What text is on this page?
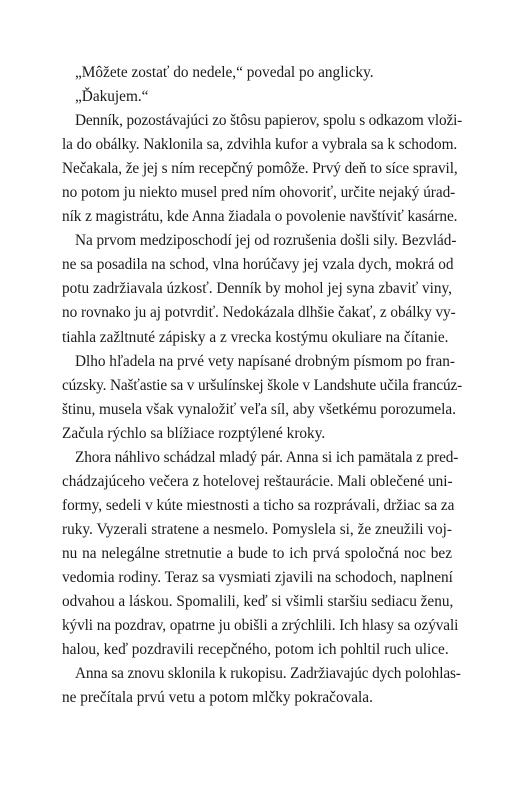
„Môžete zostať do nedele,“ povedal po anglicky.
„Ďakujem.“
Denník, pozostávajúci zo štôsu papierov, spolu s odkazom vloži-
la do obálky. Naklonila sa, zdvihla kufor a vybrala sa k schodom.
Nečakala, že jej s ním recepčný pomôže. Prvý deň to síce spravil,
no potom ju niekto musel pred ním ohovoriť, určite nejaký úrad-
ník z magistrátu, kde Anna žiadala o povolenie navštíviť kasárne.
Na prvom medziposchodí jej od rozrušenia došli sily. Bezvlád-
ne sa posadila na schod, vlna horúčavy jej vzala dych, mokrá od
potu zadržiavala úzkosť. Denník by mohol jej syna zbaviť viny,
no rovnako ju aj potvrdiť. Nedokázala dlhšie čakať, z obálky vy-
tiahla zažltnuté zápisky a z vrecka kostýmu okuliare na čítanie.
Dlho hľadela na prvé vety napísané drobným písmom po fran-
cúzsky. Našťastie sa v uršulínskej škole v Landshute učila francúz-
štinu, musela však vynaložiť veľa síl, aby všetkému porozumela.
Začula rýchlo sa blížiace rozptýlené kroky.
Zhora náhlivo schádzal mladý pár. Anna si ich pamätala z pred-
chádzajúceho večera z hotelovej reštaurácie. Mali oblečené uni-
formy, sedeli v kúte miestnosti a ticho sa rozprávali, držiac sa za
ruky. Vyzerali stratene a nesmelo. Pomyslela si, že zneužili voj-
nu na nelegálne stretnutie a bude to ich prvá spoločná noc bez
vedomia rodiny. Teraz sa vysmiati zjavili na schodoch, naplnení
odvahou a láskou. Spomalili, keď si všimli staršiu sediacu ženu,
kývli na pozdrav, opatrne ju obišli a zrýchlili. Ich hlasy sa ozývali
halou, keď pozdravili recepčného, potom ich pohltil ruch ulice.
Anna sa znovu sklonila k rukopisu. Zadržiavajúc dych polohlas-
ne prečítala prvú vetu a potom mlčky pokračovala.
